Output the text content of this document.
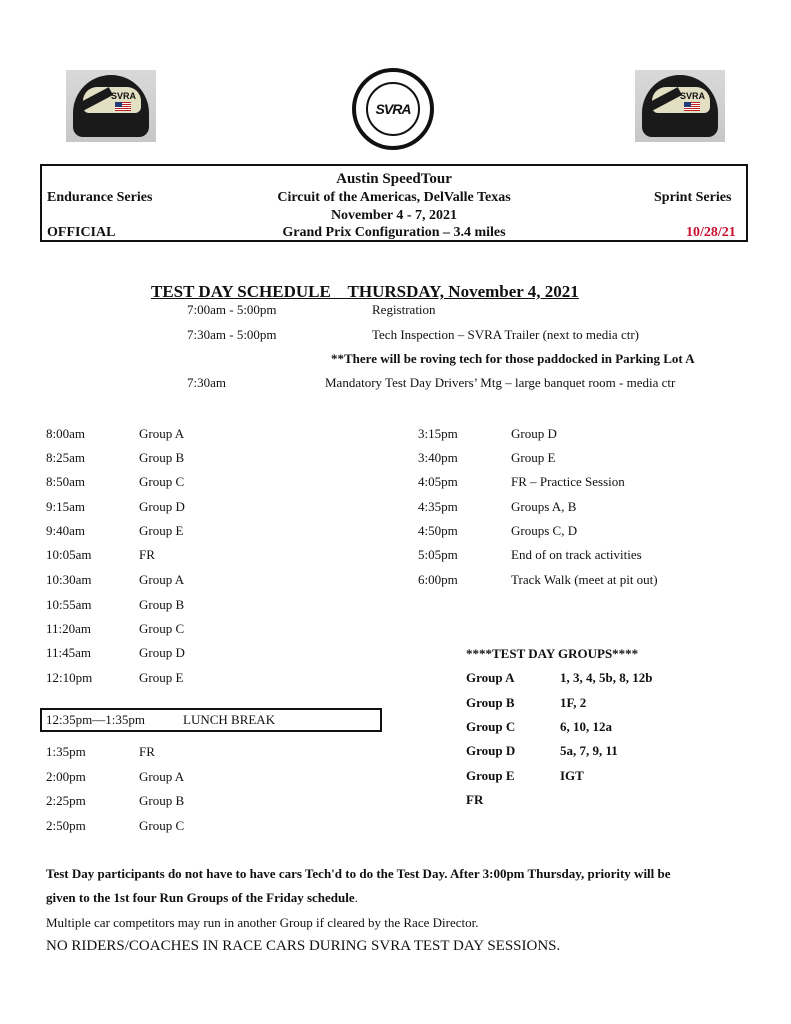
SVRA
SVRA
SVRA
Austin SpeedTour
Endurance Series	Circuit of the Americas, DelValle Texas	Sprint Series
November 4 - 7, 2021
OFFICIAL	Grand Prix Configuration – 3.4 miles	10/28/21
TEST DAY SCHEDULE THURSDAY, November 4, 2021
7:00am - 5:00pm	Registration
7:30am - 5:00pm	Tech Inspection – SVRA Trailer (next to media ctr)
**There will be roving tech for those paddocked in Parking Lot A
7:30am	Mandatory Test Day Drivers’ Mtg – large banquet room - media ctr
8:00am	Group A
8:25am	Group B
8:50am	Group C
9:15am	Group D
9:40am	Group E
10:05am	FR
10:30am	Group A
10:55am	Group B
11:20am	Group C
11:45am	Group D
12:10pm	Group E
12:35pm—1:35pm	LUNCH BREAK
1:35pm	FR
2:00pm	Group A
2:25pm	Group B
2:50pm	Group C
3:15pm	Group D
3:40pm	Group E
4:05pm	FR – Practice Session
4:35pm	Groups A, B
4:50pm	Groups C, D
5:05pm	End of on track activities
6:00pm	Track Walk (meet at pit out)
****TEST DAY GROUPS****
Group A	1, 3, 4, 5b, 8, 12b
Group B	1F, 2
Group C	6, 10, 12a
Group D	5a, 7, 9, 11
Group E	IGT
FR
Test Day participants do not have to have cars Tech'd to do the Test Day. After 3:00pm Thursday, priority will be
given to the 1st four Run Groups of the Friday schedule.
Multiple car competitors may run in another Group if cleared by the Race Director.
NO RIDERS/COACHES IN RACE CARS DURING SVRA TEST DAY SESSIONS.
